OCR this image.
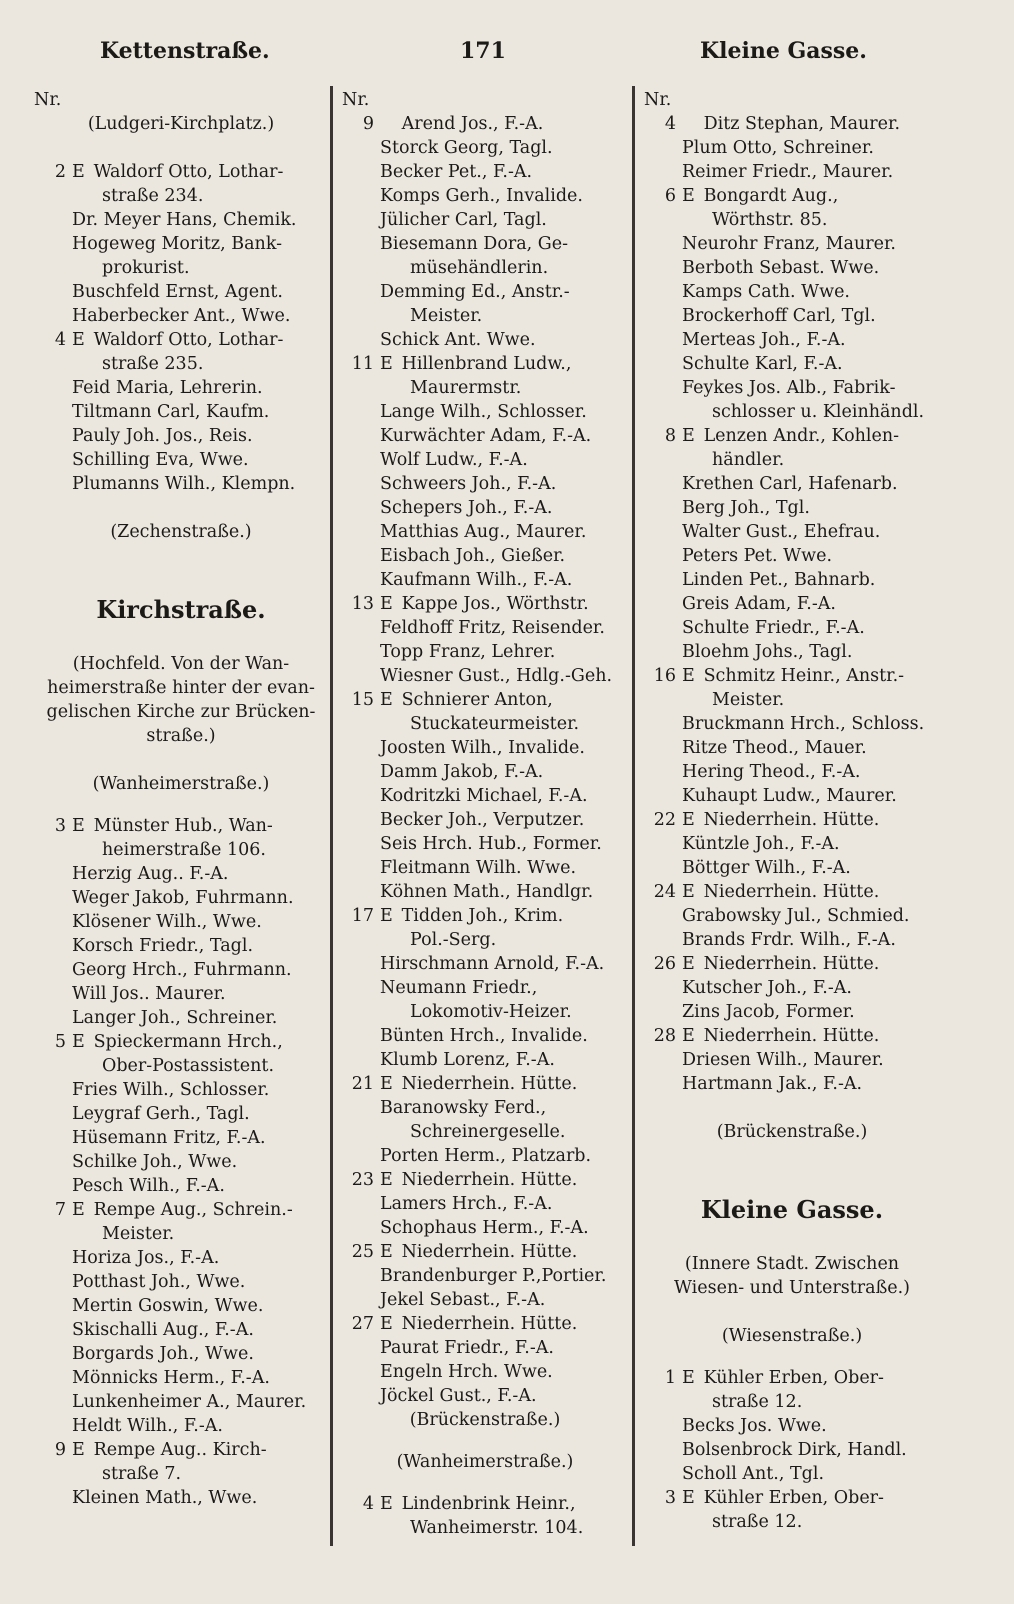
Kettenstraße.	171	Kleine Gasse.
Nr.
(Ludgeri-Kirchplatz.)
2 E Waldorf Otto, Lothar-
straße 234.
Dr. Meyer Hans, Chemik.
Hogeweg Moritz, Bank-
prokurist.
Buschfeld Ernst, Agent.
Haberbecker Ant., Wwe.
4 E Waldorf Otto, Lothar-
straße 235.
Feid Maria, Lehrerin.
Tiltmann Carl, Kaufm.
Pauly Joh. Jos., Reis.
Schilling Eva, Wwe.
Plumanns Wilh., Klempn.
(Zechenstraße.)
Kirchstraße.
(Hochfeld. Von der Wan-
heimerstraße hinter der evan-
gelischen Kirche zur Brücken-
straße.)
(Wanheimerstraße.)
3 E Münster Hub., Wan-
heimerstraße 106.
Herzig Aug.. F.-A.
Weger Jakob, Fuhrmann.
Klösener Wilh., Wwe.
Korsch Friedr., Tagl.
Georg Hrch., Fuhrmann.
Will Jos.. Maurer.
Langer Joh., Schreiner.
5 E Spieckermann Hrch.,
Ober-Postassistent.
Fries Wilh., Schlosser.
Leygraf Gerh., Tagl.
Hüsemann Fritz, F.-A.
Schilke Joh., Wwe.
Pesch Wilh., F.-A.
7 E Rempe Aug., Schrein.-
Meister.
Horiza Jos., F.-A.
Potthast Joh., Wwe.
Mertin Goswin, Wwe.
Skischalli Aug., F.-A.
Borgards Joh., Wwe.
Mönnicks Herm., F.-A.
Lunkenheimer A., Maurer.
Heldt Wilh., F.-A.
9 E Rempe Aug.. Kirch-
straße 7.
Kleinen Math., Wwe.
Nr.
9 Arend Jos., F.-A.
Storck Georg, Tagl.
Becker Pet., F.-A.
Komps Gerh., Invalide.
Jülicher Carl, Tagl.
Biesemann Dora, Ge-
müsehändlerin.
Demming Ed., Anstr.-
Meister.
Schick Ant. Wwe.
11 E Hillenbrand Ludw.,
Maurermstr.
Lange Wilh., Schlosser.
Kurwächter Adam, F.-A.
Wolf Ludw., F.-A.
Schweers Joh., F.-A.
Schepers Joh., F.-A.
Matthias Aug., Maurer.
Eisbach Joh., Gießer.
Kaufmann Wilh., F.-A.
13 E Kappe Jos., Wörthstr.
Feldhoff Fritz, Reisender.
Topp Franz, Lehrer.
Wiesner Gust., Hdlg.-Geh.
15 E Schnierer Anton,
Stuckateurmeister.
Joosten Wilh., Invalide.
Damm Jakob, F.-A.
Kodritzki Michael, F.-A.
Becker Joh., Verputzer.
Seis Hrch. Hub., Former.
Fleitmann Wilh. Wwe.
Köhnen Math., Handlgr.
17 E Tidden Joh., Krim.
Pol.-Serg.
Hirschmann Arnold, F.-A.
Neumann Friedr.,
Lokomotiv-Heizer.
Bünten Hrch., Invalide.
Klumb Lorenz, F.-A.
21 E Niederrhein. Hütte.
Baranowsky Ferd.,
Schreinergeselle.
Porten Herm., Platzarb.
23 E Niederrhein. Hütte.
Lamers Hrch., F.-A.
Schophaus Herm., F.-A.
25 E Niederrhein. Hütte.
Brandenburger P.,Portier.
Jekel Sebast., F.-A.
27 E Niederrhein. Hütte.
Paurat Friedr., F.-A.
Engeln Hrch. Wwe.
Jöckel Gust., F.-A.
(Brückenstraße.)
(Wanheimerstraße.)
4 E Lindenbrink Heinr.,
Wanheimerstr. 104.
Nr.
4 Ditz Stephan, Maurer.
Plum Otto, Schreiner.
Reimer Friedr., Maurer.
6 E Bongardt Aug.,
Wörthstr. 85.
Neurohr Franz, Maurer.
Berboth Sebast. Wwe.
Kamps Cath. Wwe.
Brockerhoff Carl, Tgl.
Merteas Joh., F.-A.
Schulte Karl, F.-A.
Feykes Jos. Alb., Fabrik-
schlosser u. Kleinhändl.
8 E Lenzen Andr., Kohlen-
händler.
Krethen Carl, Hafenarb.
Berg Joh., Tgl.
Walter Gust., Ehefrau.
Peters Pet. Wwe.
Linden Pet., Bahnarb.
Greis Adam, F.-A.
Schulte Friedr., F.-A.
Bloehm Johs., Tagl.
16 E Schmitz Heinr., Anstr.-
Meister.
Bruckmann Hrch., Schloss.
Ritze Theod., Mauer.
Hering Theod., F.-A.
Kuhaupt Ludw., Maurer.
22 E Niederrhein. Hütte.
Küntzle Joh., F.-A.
Böttger Wilh., F.-A.
24 E Niederrhein. Hütte.
Grabowsky Jul., Schmied.
Brands Frdr. Wilh., F.-A.
26 E Niederrhein. Hütte.
Kutscher Joh., F.-A.
Zins Jacob, Former.
28 E Niederrhein. Hütte.
Driesen Wilh., Maurer.
Hartmann Jak., F.-A.
(Brückenstraße.)
Kleine Gasse.
(Innere Stadt. Zwischen
Wiesen- und Unterstraße.)
(Wiesenstraße.)
1 E Kühler Erben, Ober-
straße 12.
Becks Jos. Wwe.
Bolsenbrock Dirk, Handl.
Scholl Ant., Tgl.
3 E Kühler Erben, Ober-
straße 12.
